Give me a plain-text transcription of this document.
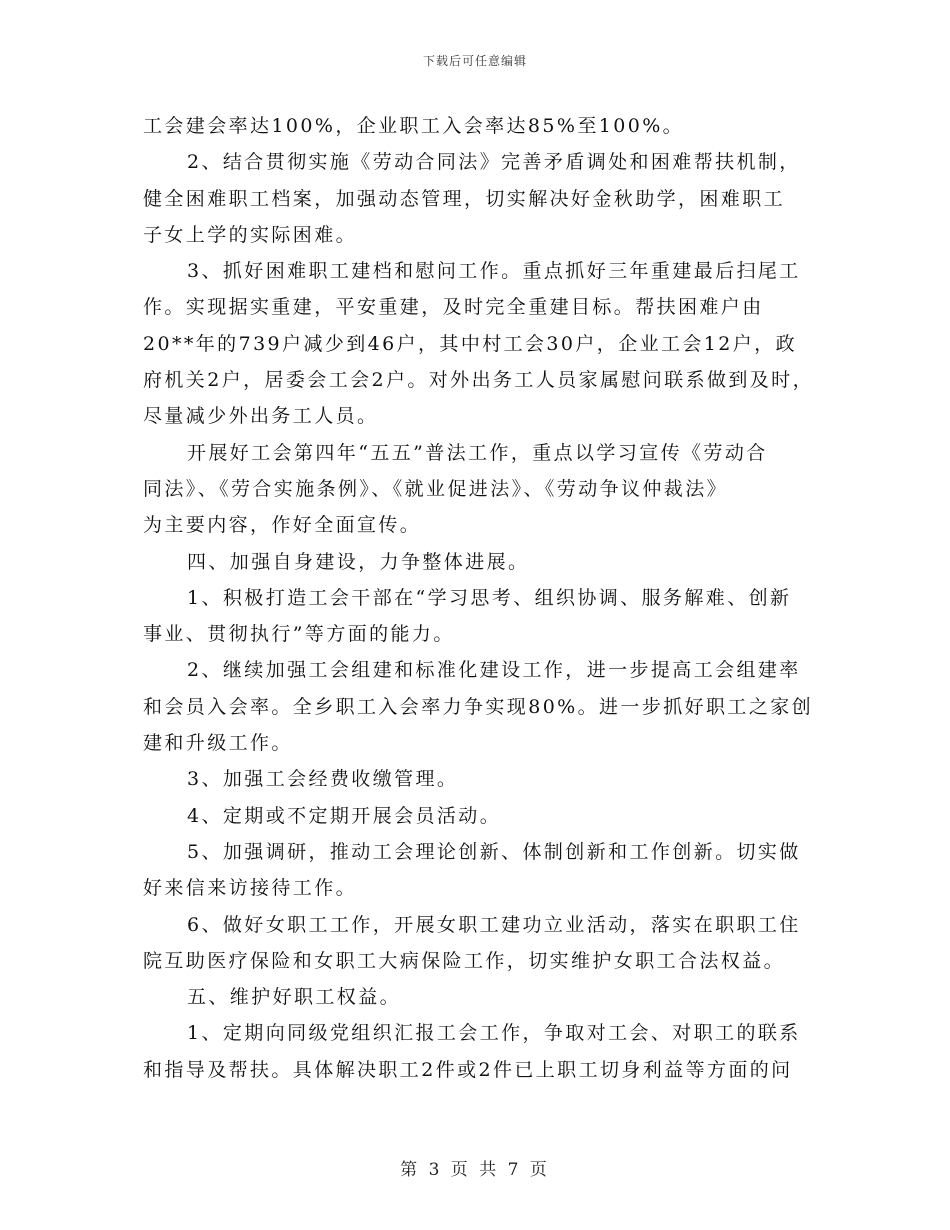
下载后可任意编辑
工会建会率达100%，企业职工入会率达85%至100%。
2、结合贯彻实施《劳动合同法》完善矛盾调处和困难帮扶机制，
健全困难职工档案，加强动态管理，切实解决好金秋助学，困难职工
子女上学的实际困难。
3、抓好困难职工建档和慰问工作。重点抓好三年重建最后扫尾工
作。实现据实重建，平安重建，及时完全重建目标。帮扶困难户由
20**年的739户减少到46户，其中村工会30户，企业工会12户，政
府机关2户，居委会工会2户。对外出务工人员家属慰问联系做到及时，
尽量减少外出务工人员。
开展好工会第四年“五五”普法工作，重点以学习宣传《劳动合
同法》、《劳合实施条例》、《就业促进法》、《劳动争议仲裁法》
为主要内容，作好全面宣传。
四、加强自身建设，力争整体进展。
1、积极打造工会干部在“学习思考、组织协调、服务解难、创新
事业、贯彻执行”等方面的能力。
2、继续加强工会组建和标准化建设工作，进一步提高工会组建率
和会员入会率。全乡职工入会率力争实现80%。进一步抓好职工之家创
建和升级工作。
3、加强工会经费收缴管理。
4、定期或不定期开展会员活动。
5、加强调研，推动工会理论创新、体制创新和工作创新。切实做
好来信来访接待工作。
6、做好女职工工作，开展女职工建功立业活动，落实在职职工住
院互助医疗保险和女职工大病保险工作，切实维护女职工合法权益。
五、维护好职工权益。
1、定期向同级党组织汇报工会工作，争取对工会、对职工的联系
和指导及帮扶。具体解决职工2件或2件已上职工切身利益等方面的问
第 3 页 共 7 页
